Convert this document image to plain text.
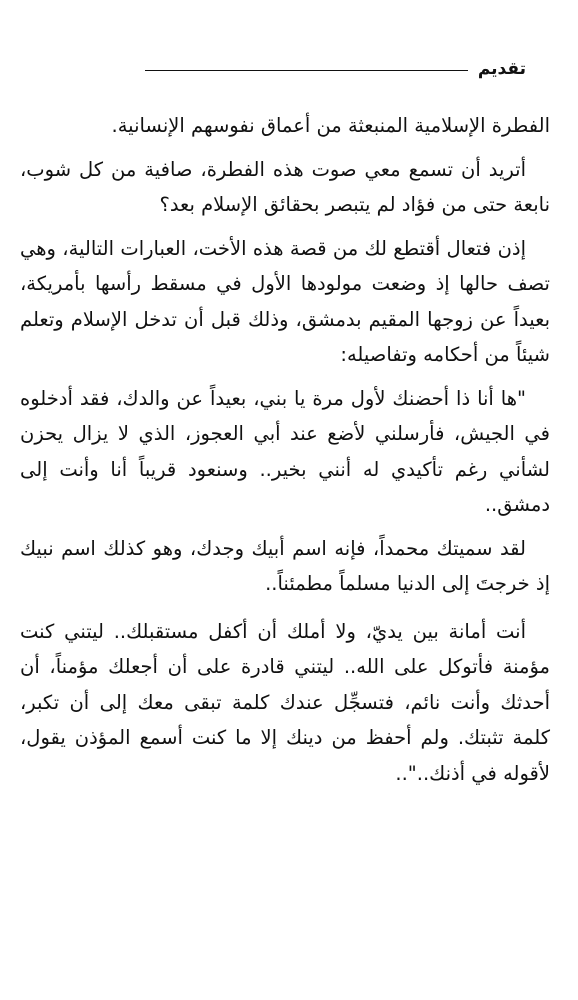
تقديم

الفطرة الإسلامية المنبعثة من أعماق نفوسهم الإنسانية.

أتريد أن تسمع معي صوت هذه الفطرة، صافية من كل شوب، نابعة حتى من فؤاد لم يتبصر بحقائق الإسلام بعد؟

إذن فتعال أقتطع لك من قصة هذه الأخت، العبارات التالية، وهي تصف حالها إذ وضعت مولودها الأول في مسقط رأسها بأمريكة، بعيداً عن زوجها المقيم بدمشق، وذلك قبل أن تدخل الإسلام وتعلم شيئاً من أحكامه وتفاصيله:

"ها أنا ذا أحضنك لأول مرة يا بني، بعيداً عن والدك، فقد أدخلوه في الجيش، فأرسلني لأضع عند أبي العجوز، الذي لا يزال يحزن لشأني رغم تأكيدي له أنني بخير.. وسنعود قريباً أنا وأنت إلى دمشق..

لقد سميتك محمداً، فإنه اسم أبيك وجدك، وهو كذلك اسم نبيك إذ خرجتَ إلى الدنيا مسلماً مطمئناً..

أنت أمانة بين يديّ، ولا أملك أن أكفل مستقبلك.. ليتني كنت مؤمنة فأتوكل على الله.. ليتني قادرة على أن أجعلك مؤمناً، أن أحدثك وأنت نائم، فتسجِّل عندك كلمة تبقى معك إلى أن تكبر، كلمة تثبتك. ولم أحفظ من دينك إلا ما كنت أسمع المؤذن يقول، لأقوله في أذنك.."..
